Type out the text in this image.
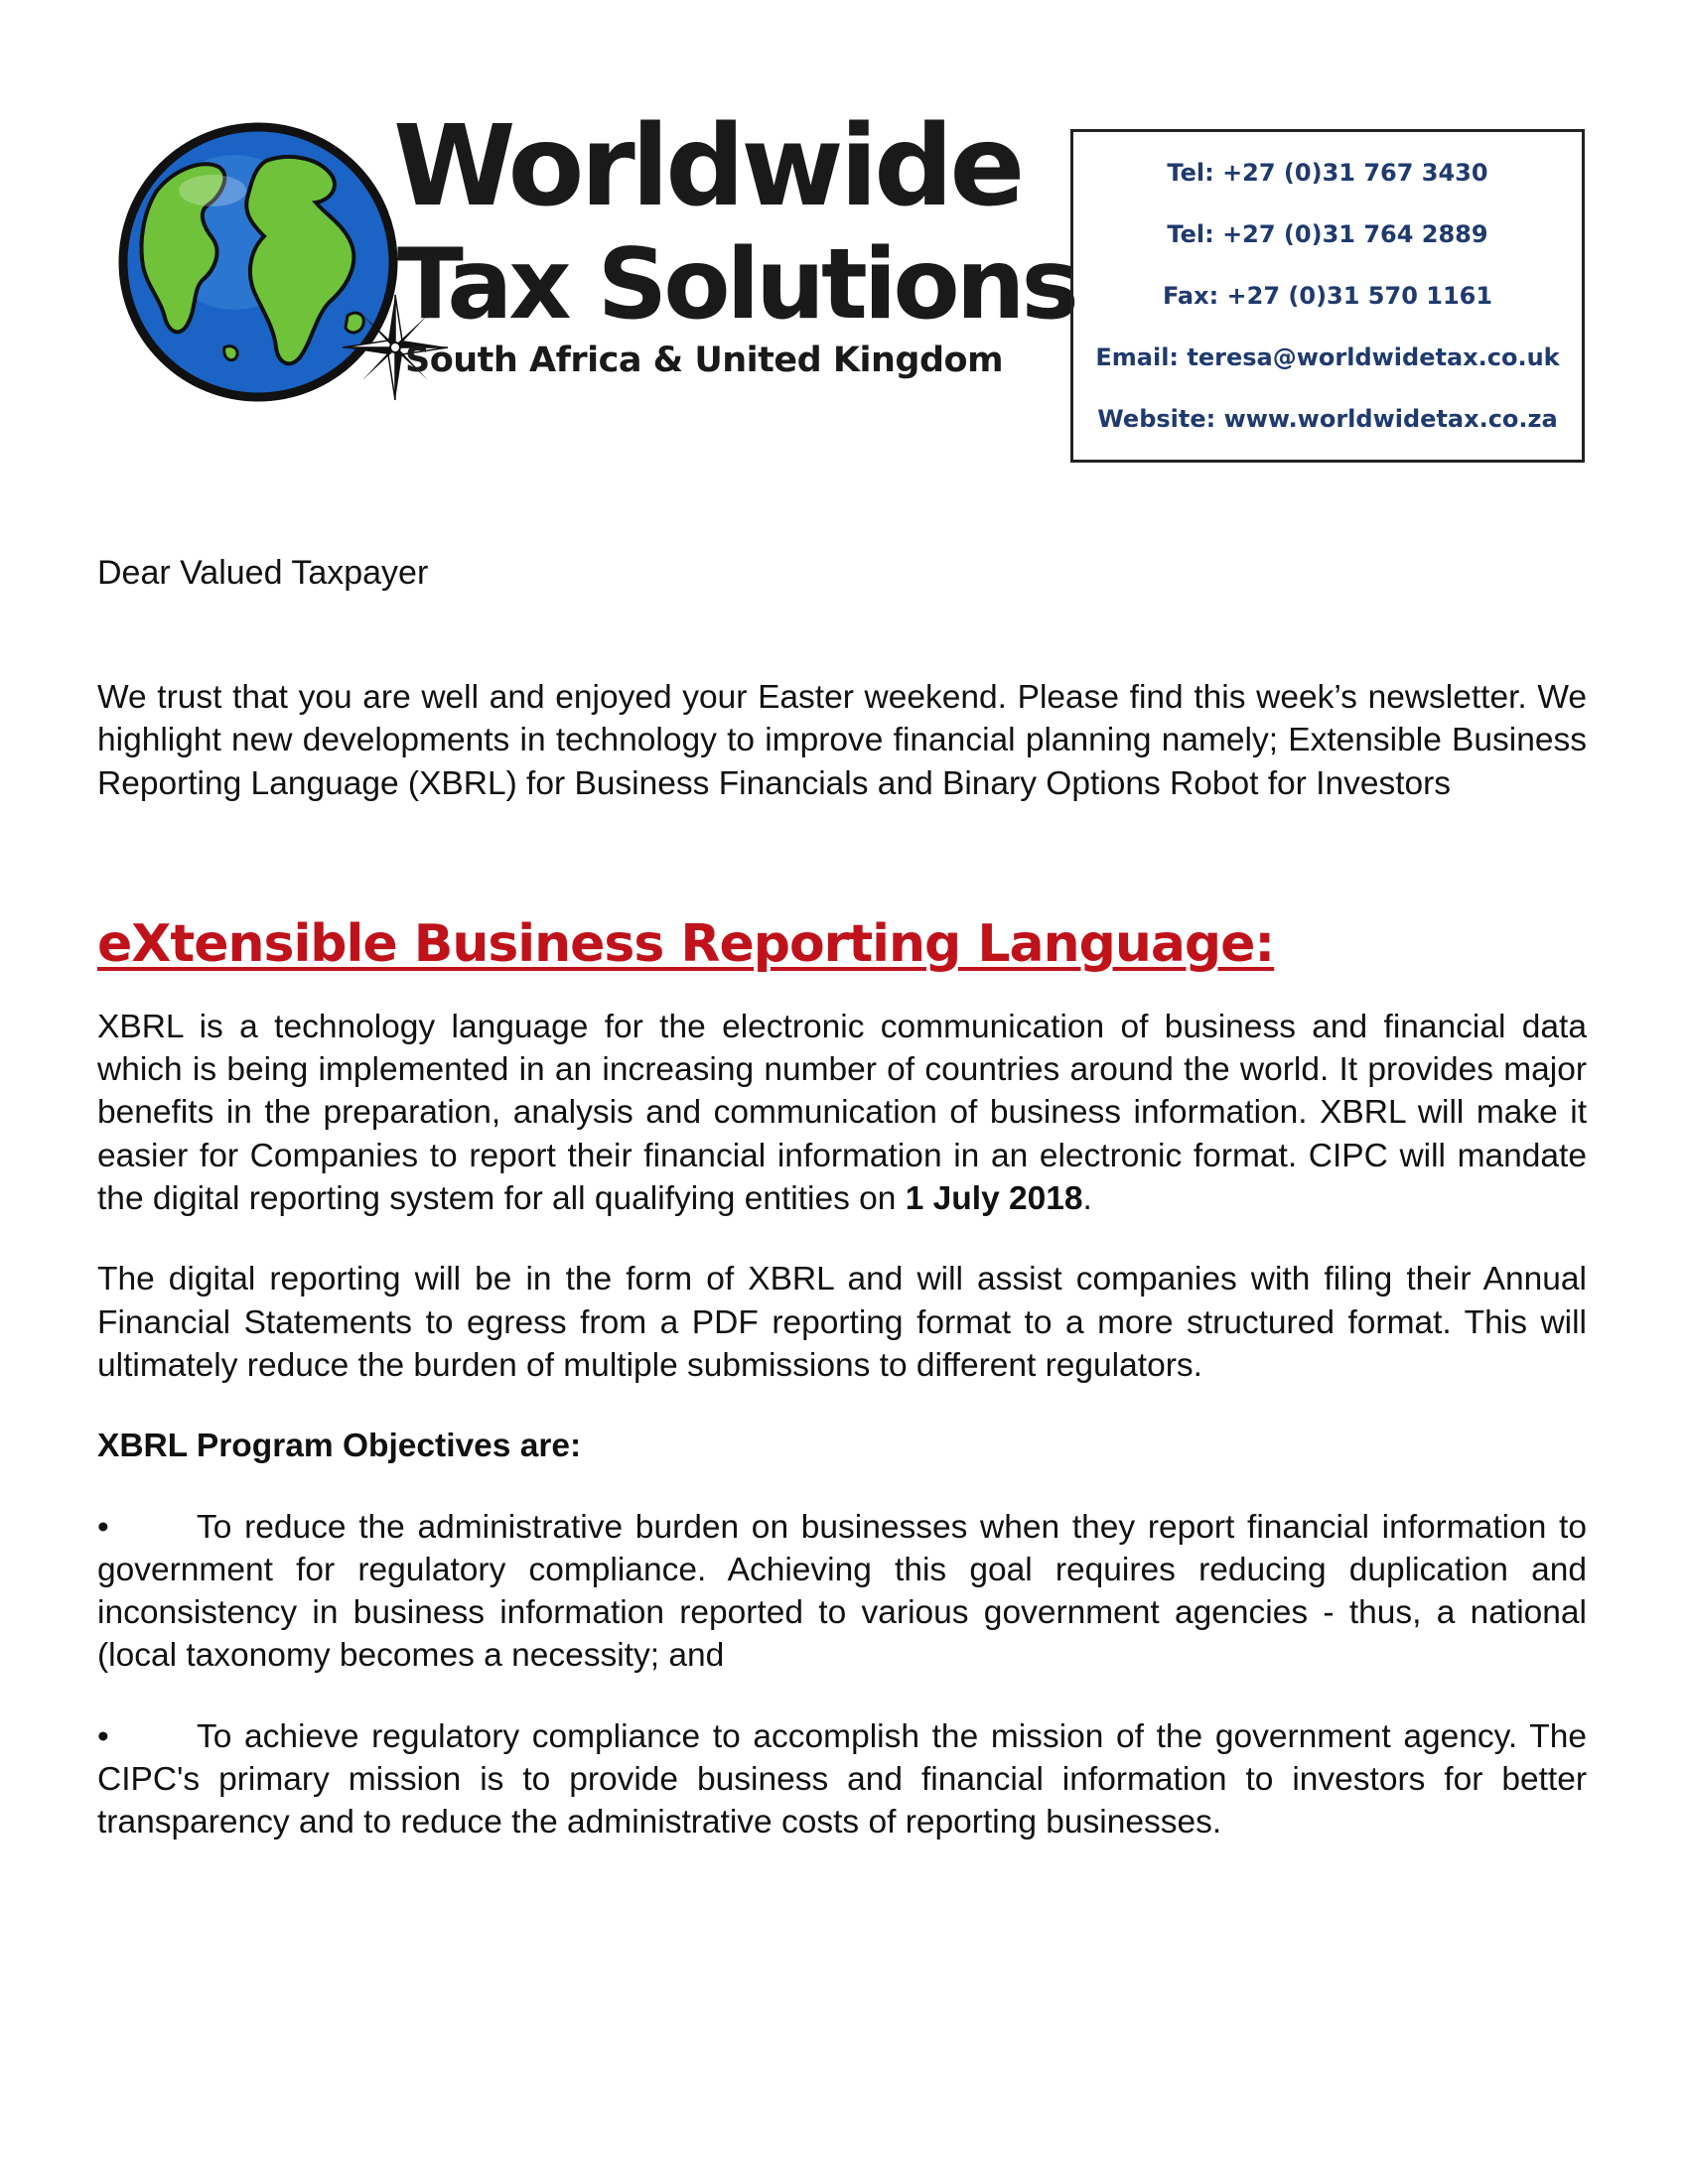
Worldwide
Tax Solutions
South Africa & United Kingdom
Tel: +27 (0)31 767 3430
Tel: +27 (0)31 764 2889
Fax: +27 (0)31 570 1161
Email: teresa@worldwidetax.co.uk
Website: www.worldwidetax.co.za

Dear Valued Taxpayer

We trust that you are well and enjoyed your Easter weekend. Please find this week’s newsletter. We highlight new developments in technology to improve financial planning namely; Extensible Business Reporting Language (XBRL) for Business Financials and Binary Options Robot for Investors

eXtensible Business Reporting Language:

XBRL is a technology language for the electronic communication of business and financial data which is being implemented in an increasing number of countries around the world. It provides major benefits in the preparation, analysis and communication of business information. XBRL will make it easier for Companies to report their financial information in an electronic format. CIPC will mandate the digital reporting system for all qualifying entities on 1 July 2018.

The digital reporting will be in the form of XBRL and will assist companies with filing their Annual Financial Statements to egress from a PDF reporting format to a more structured format. This will ultimately reduce the burden of multiple submissions to different regulators.

XBRL Program Objectives are:

•	To reduce the administrative burden on businesses when they report financial information to government for regulatory compliance. Achieving this goal requires reducing duplication and inconsistency in business information reported to various government agencies - thus, a national (local taxonomy becomes a necessity; and

•	To achieve regulatory compliance to accomplish the mission of the government agency. The CIPC's primary mission is to provide business and financial information to investors for better transparency and to reduce the administrative costs of reporting businesses.
